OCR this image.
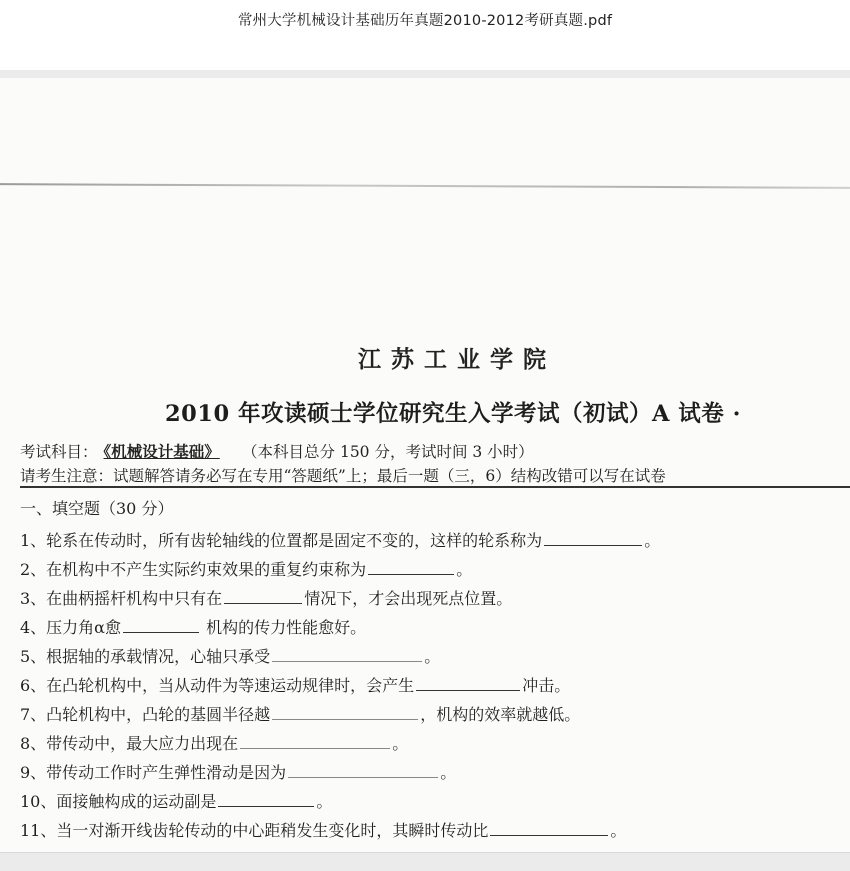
常州大学机械设计基础历年真题2010-2012考研真题.pdf
江苏工业学院
2010 年攻读硕士学位研究生入学考试（初试）A 试卷 ·
考试科目： 《机械设计基础》 （本科目总分 150 分，考试时间 3 小时）
请考生注意：试题解答请务必写在专用“答题纸”上；最后一题（三，6）结构改错可以写在试卷
一、填空题（30 分）
1、轮系在传动时，所有齿轮轴线的位置都是固定不变的，这样的轮系称为	。
2、在机构中不产生实际约束效果的重复约束称为	。
3、在曲柄摇杆机构中只有在	情况下，才会出现死点位置。
4、压力角α愈	机构的传力性能愈好。
5、根据轴的承载情况，心轴只承受	。
6、在凸轮机构中，当从动件为等速运动规律时，会产生	冲击。
7、凸轮机构中，凸轮的基圆半径越	，机构的效率就越低。
8、带传动中，最大应力出现在	。
9、带传动工作时产生弹性滑动是因为	。
10、面接触构成的运动副是	。
11、当一对渐开线齿轮传动的中心距稍发生变化时，其瞬时传动比	。
